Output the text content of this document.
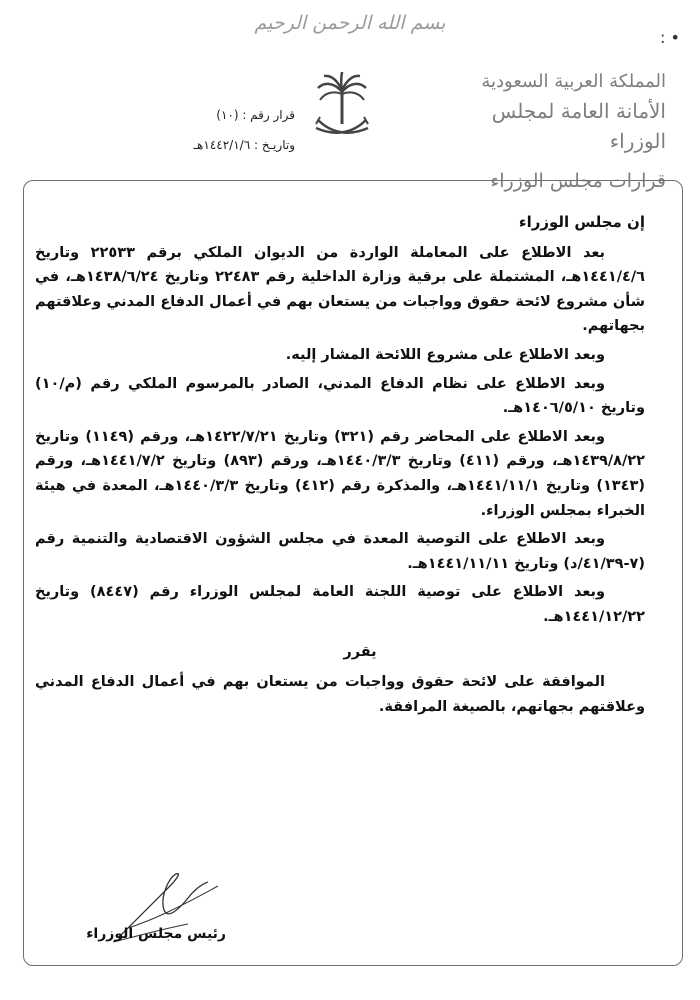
بسم الله الرحمن الرحيم
• :
المملكة العربية السعودية
الأمانة العامة لمجلس الوزراء
قرارات مجلس الوزراء
قرار رقم : (١٠)
وتاريـخ : ١٤٤٢/١/٦هـ

إن مجلس الوزراء

بعد الاطلاع على المعاملة الواردة من الديوان الملكي برقم ٢٢٥٣٣ وتاريخ ١٤٤١/٤/٦هـ، المشتملة على برقية وزارة الداخلية رقم ٢٢٤٨٣ وتاريخ ١٤٣٨/٦/٢٤هـ، في شأن مشروع لائحة حقوق وواجبات من يستعان بهم في أعمال الدفاع المدني وعلاقتهم بجهاتهم.

وبعد الاطلاع على مشروع اللائحة المشار إليه.

وبعد الاطلاع على نظام الدفاع المدني، الصادر بالمرسوم الملكي رقم (م/١٠) وتاريخ ١٤٠٦/٥/١٠هـ.

وبعد الاطلاع على المحاضر رقم (٣٢١) وتاريخ ١٤٢٢/٧/٢١هـ، ورقم (١١٤٩) وتاريخ ١٤٣٩/٨/٢٢هـ، ورقم (٤١١) وتاريخ ١٤٤٠/٣/٣هـ، ورقم (٨٩٣) وتاريخ ١٤٤١/٧/٢هـ، ورقم (١٣٤٣) وتاريخ ١٤٤١/١١/١هـ، والمذكرة رقم (٤١٢) وتاريخ ١٤٤٠/٣/٣هـ، المعدة في هيئة الخبراء بمجلس الوزراء.

وبعد الاطلاع على التوصية المعدة في مجلس الشؤون الاقتصادية والتنمية رقم (٧-٤١/٣٩/د) وتاريخ ١٤٤١/١١/١١هـ.

وبعد الاطلاع على توصية اللجنة العامة لمجلس الوزراء رقم (٨٤٤٧) وتاريخ ١٤٤١/١٢/٢٢هـ.

يقرر

الموافقة على لائحة حقوق وواجبات من يستعان بهم في أعمال الدفاع المدني وعلاقتهم بجهاتهم، بالصيغة المرافقة.

رئيس مجلس الوزراء
